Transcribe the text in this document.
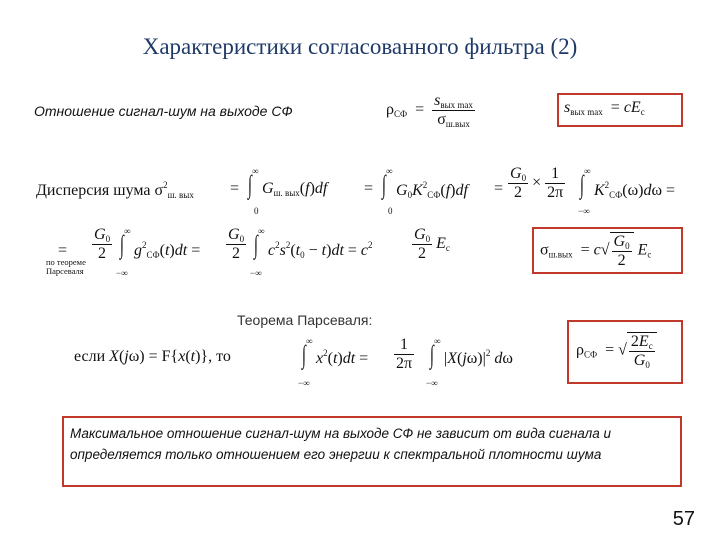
Характеристики согласованного фильтра (2)
Отношение сигнал-шум на выходе СФ	$\rho_{СФ} = \frac{s_{вых max}}{\sigma_{ш.вых}}$	$s_{вых max} = cE_с$
Дисперсия шума $\sigma^2_{ш. вых}$ =
∞
∫
0
$G_{ш. вых}(f)df$ =
∞
∫
0
$G_0K^2_{СФ}(f)df = \frac{G_0}{2} \times \frac{1}{2\pi}$ ∞
∫
−∞
$K^2_{СФ}(\omega)d\omega$ =
=
по теореме Парсеваля
$\frac{G_0}{2}$ ∞
∫
−∞
$g^2_{СФ}(t)dt = \frac{G_0}{2}$ ∞
∫
−∞
$c^2s^2(t_0 - t)dt = c^2 \frac{G_0}{2} E_с$	$\sigma_{ш.вых} = c√ \frac{G_0}{2} E_с$
Теорема Парсеваля:
если X(jω) = F{x(t)}, то
∞
∫
−∞
$x^2(t)dt = \frac{1}{2\pi}$ ∞
∫
−∞
$|X(j\omega)|^2$ dω	$\rho_{СФ}$ = √ $\frac{2E_с}{G_0}$
Максимальное отношение сигнал-шум на выходе СФ не зависит от вида сигнала и определяется только отношением его энергии к спектральной плотности шума
57
